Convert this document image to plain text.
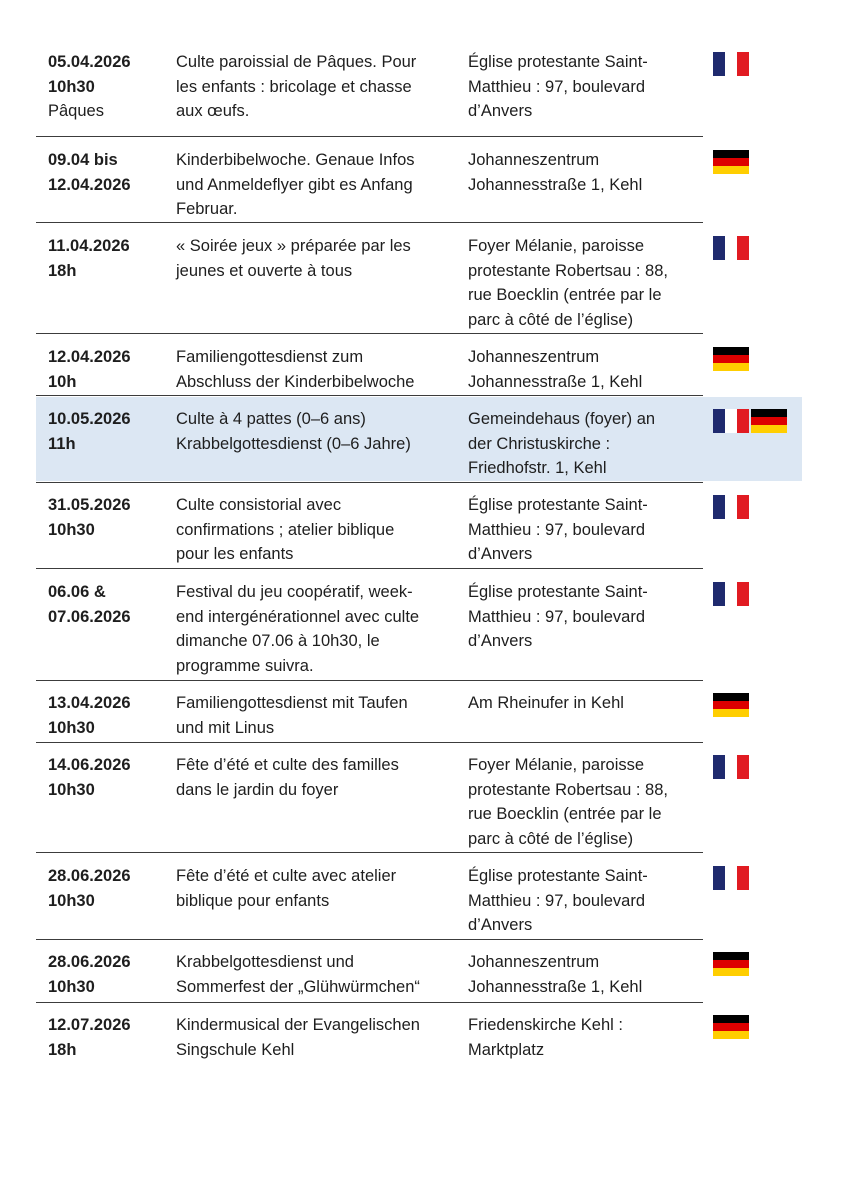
05.04.2026
10h30
Pâques
Culte paroissial de Pâques. Pour
les enfants : bricolage et chasse
aux œufs.
Église protestante Saint-
Matthieu : 97, boulevard
d’Anvers
09.04 bis
12.04.2026
Kinderbibelwoche. Genaue Infos
und Anmeldeflyer gibt es Anfang
Februar.
Johanneszentrum
Johannesstraße 1, Kehl
11.04.2026
18h
« Soirée jeux » préparée par les
jeunes et ouverte à tous
Foyer Mélanie, paroisse
protestante Robertsau : 88,
rue Boecklin (entrée par le
parc à côté de l’église)
12.04.2026
10h
Familiengottesdienst zum
Abschluss der Kinderbibelwoche
Johanneszentrum
Johannesstraße 1, Kehl
10.05.2026
11h
Culte à 4 pattes (0–6 ans)
Krabbelgottesdienst (0–6 Jahre)
Gemeindehaus (foyer) an
der Christuskirche :
Friedhofstr. 1, Kehl
31.05.2026
10h30
Culte consistorial avec
confirmations ; atelier biblique
pour les enfants
Église protestante Saint-
Matthieu : 97, boulevard
d’Anvers
06.06 &
07.06.2026
Festival du jeu coopératif, week-
end intergénérationnel avec culte
dimanche 07.06 à 10h30, le
programme suivra.
Église protestante Saint-
Matthieu : 97, boulevard
d’Anvers
13.04.2026
10h30
Familiengottesdienst mit Taufen
und mit Linus
Am Rheinufer in Kehl
14.06.2026
10h30
Fête d’été et culte des familles
dans le jardin du foyer
Foyer Mélanie, paroisse
protestante Robertsau : 88,
rue Boecklin (entrée par le
parc à côté de l’église)
28.06.2026
10h30
Fête d’été et culte avec atelier
biblique pour enfants
Église protestante Saint-
Matthieu : 97, boulevard
d’Anvers
28.06.2026
10h30
Krabbelgottesdienst und
Sommerfest der „Glühwürmchen“
Johanneszentrum
Johannesstraße 1, Kehl
12.07.2026
18h
Kindermusical der Evangelischen
Singschule Kehl
Friedenskirche Kehl :
Marktplatz
